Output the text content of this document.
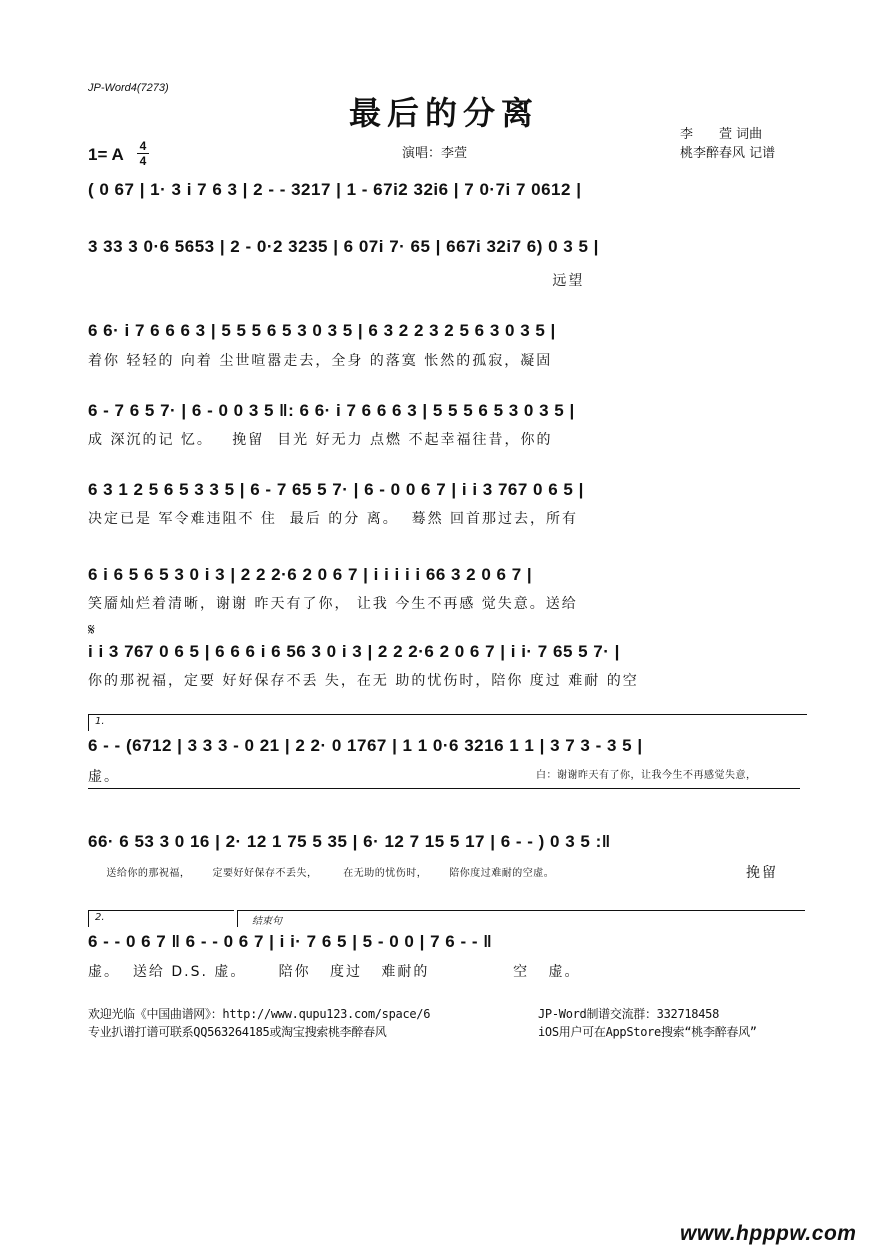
JP-Word4(7273)
最后的分离
李　　萱 词曲
桃李醉春风 记谱
1= A 4
4	演唱：李萱
( 0 67 | 1· 3 i 7 6 3 | 2 - - 3217 | 1 - 67i2 32i6 | 7 0·7i 7 0612 |
3 33 3 0·6 5653 | 2 - 0·2 3235 | 6 07i 7· 65 | 667i 32i7 6) 0 3 5 |
远望
6 6· i 7 6 6 6 3 | 5 5 5 6 5 3 0 3 5 | 6 3 2 2 3 2 5 6 3 0 3 5 |
着你 轻轻的 向着 尘世喧嚣走去，全身 的落寞 怅然的孤寂，凝固
6 - 7 6 5 7· | 6 - 0 0 3 5 ‖: 6 6· i 7 6 6 6 3 | 5 5 5 6 5 3 0 3 5 |
成 深沉的记 忆。   挽留  目光 好无力 点燃 不起幸福往昔，你的
6 3 1 2 5 6 5 3 3 5 | 6 - 7 65 5 7· | 6 - 0 0 6 7 | i i 3 767 0 6 5 |
决定已是 军令难违阻不 住  最后 的分 离。  蓦然 回首那过去，所有
6 i 6 5 6 5 3 0 i 3 | 2 2 2·6 2 0 6 7 | i i i i i 66 3 2 0 6 7 |
笑靥灿烂着清晰，谢谢 昨天有了你， 让我 今生不再感 觉失意。送给
𝄋
i i 3 767 0 6 5 | 6 6 6 i 6 56 3 0 i 3 | 2 2 2·6 2 0 6 7 | i i· 7 65 5 7· |
你的那祝福，定要 好好保存不丢 失，在无 助的忧伤时，陪你 度过 难耐 的空
1.
6 - - (6712 | 3 3 3 - 0 21 | 2 2· 0 1767 | 1 1 0·6 3216 1 1 | 3 7 3 - 3 5 |
虚。	白：谢谢昨天有了你，让我今生不再感觉失意，
66· 6 53 3 0 16 | 2· 12 1 75 5 35 | 6· 12 7 15 5 17 | 6 - - ) 0 3 5 :‖
送给你的那祝福，      定要好好保存不丢失，       在无助的忧伤时，      陪你度过难耐的空虚。	挽留
2.	结束句
6 - - 0 6 7 ‖ 6 - - 0 6 7 | i i· 7 6 5 | 5 - 0 0 | 7 6 - - ‖
虚。  送给 D.S. 虚。     陪你   度过   难耐的             空   虚。
欢迎光临《中国曲谱网》：http://www.qupu123.com/space/6
专业扒谱打谱可联系QQ563264185或淘宝搜索桃李醉春风
JP-Word制谱交流群：332718458
iOS用户可在AppStore搜索“桃李醉春风”
www.hpppw.com
